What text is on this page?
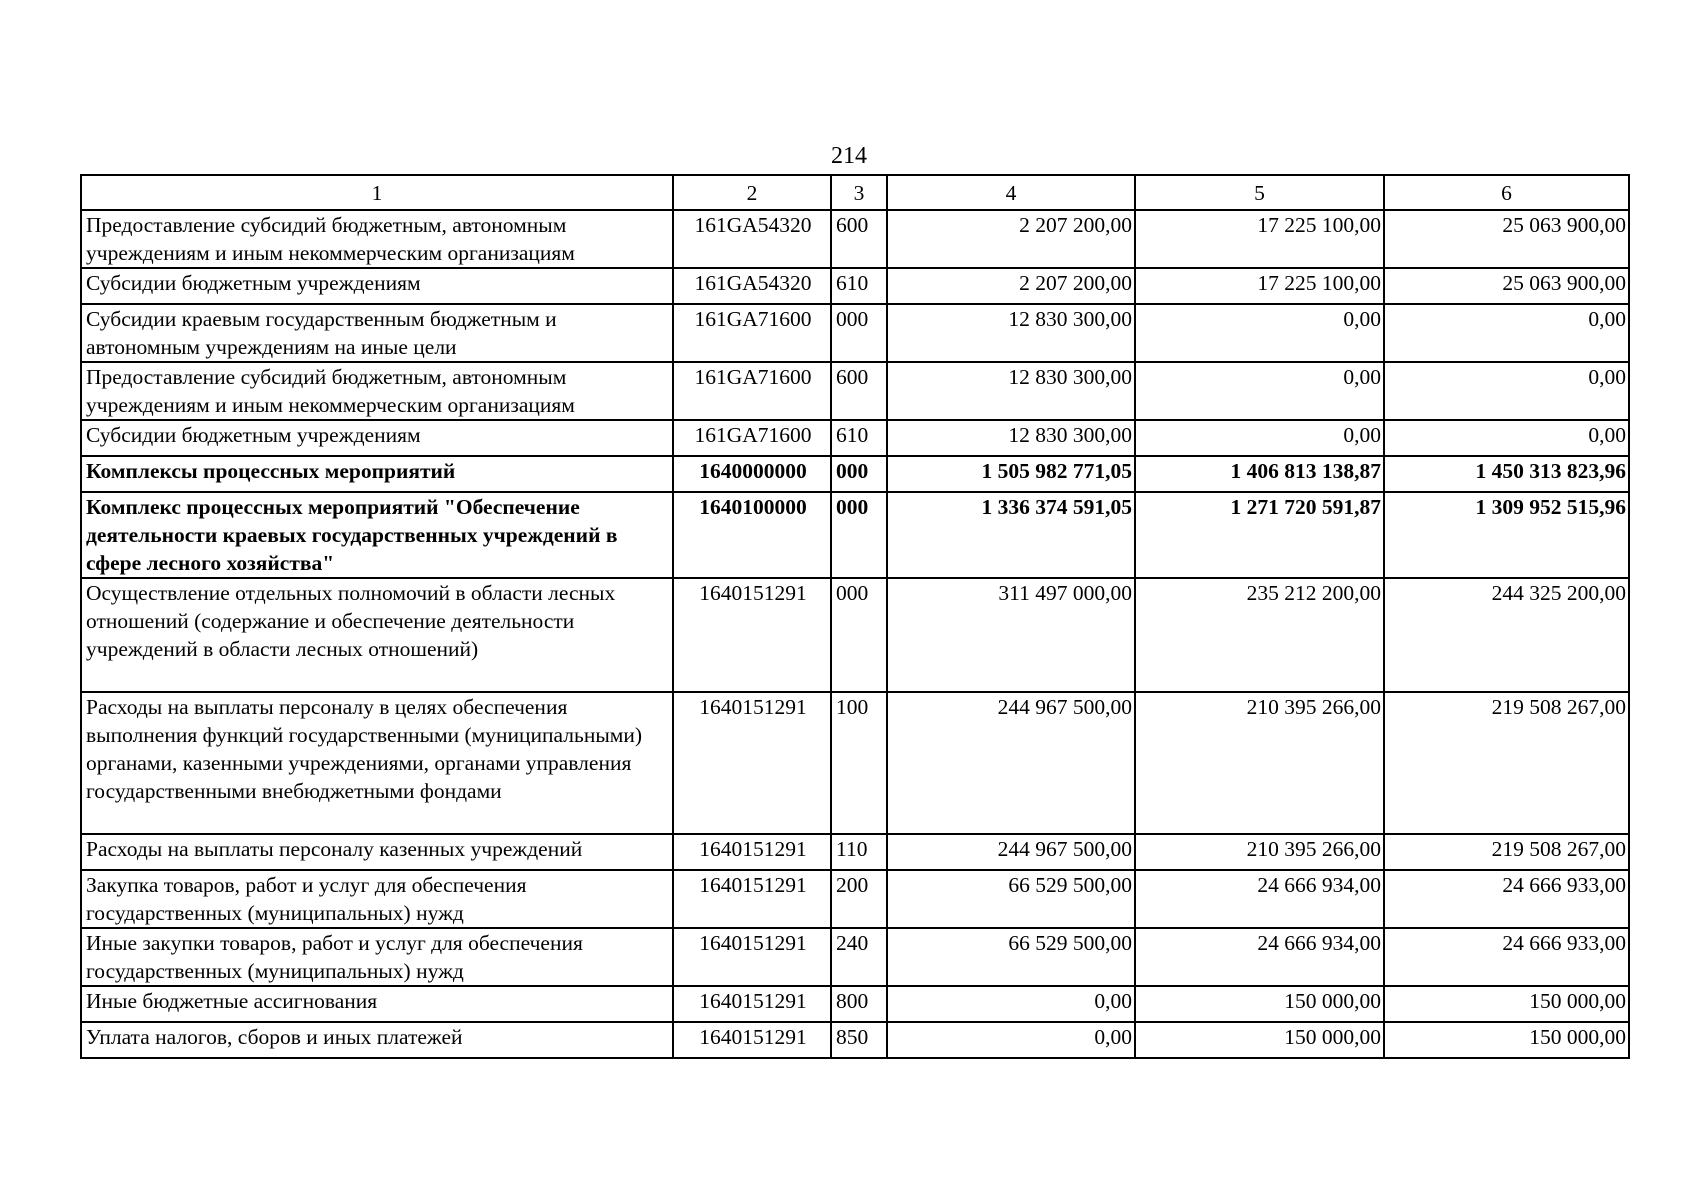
214
1	2	3	4	5	6
Предоставление субсидий бюджетным, автономным учреждениям и иным некоммерческим организациям	161GA54320	600	2 207 200,00	17 225 100,00	25 063 900,00
Субсидии бюджетным учреждениям	161GA54320	610	2 207 200,00	17 225 100,00	25 063 900,00
Субсидии краевым государственным бюджетным и автономным учреждениям на иные цели	161GA71600	000	12 830 300,00	0,00	0,00
Предоставление субсидий бюджетным, автономным учреждениям и иным некоммерческим организациям	161GA71600	600	12 830 300,00	0,00	0,00
Субсидии бюджетным учреждениям	161GA71600	610	12 830 300,00	0,00	0,00
Комплексы процессных мероприятий	1640000000	000	1 505 982 771,05	1 406 813 138,87	1 450 313 823,96
Комплекс процессных мероприятий "Обеспечение деятельности краевых государственных учреждений в сфере лесного хозяйства"	1640100000	000	1 336 374 591,05	1 271 720 591,87	1 309 952 515,96
Осуществление отдельных полномочий в области лесных отношений (содержание и обеспечение деятельности учреждений в области лесных отношений)	1640151291	000	311 497 000,00	235 212 200,00	244 325 200,00
Расходы на выплаты персоналу в целях обеспечения выполнения функций государственными (муниципальными) органами, казенными учреждениями, органами управления государственными внебюджетными фондами	1640151291	100	244 967 500,00	210 395 266,00	219 508 267,00
Расходы на выплаты персоналу казенных учреждений	1640151291	110	244 967 500,00	210 395 266,00	219 508 267,00
Закупка товаров, работ и услуг для обеспечения государственных (муниципальных) нужд	1640151291	200	66 529 500,00	24 666 934,00	24 666 933,00
Иные закупки товаров, работ и услуг для обеспечения государственных (муниципальных) нужд	1640151291	240	66 529 500,00	24 666 934,00	24 666 933,00
Иные бюджетные ассигнования	1640151291	800	0,00	150 000,00	150 000,00
Уплата налогов, сборов и иных платежей	1640151291	850	0,00	150 000,00	150 000,00
